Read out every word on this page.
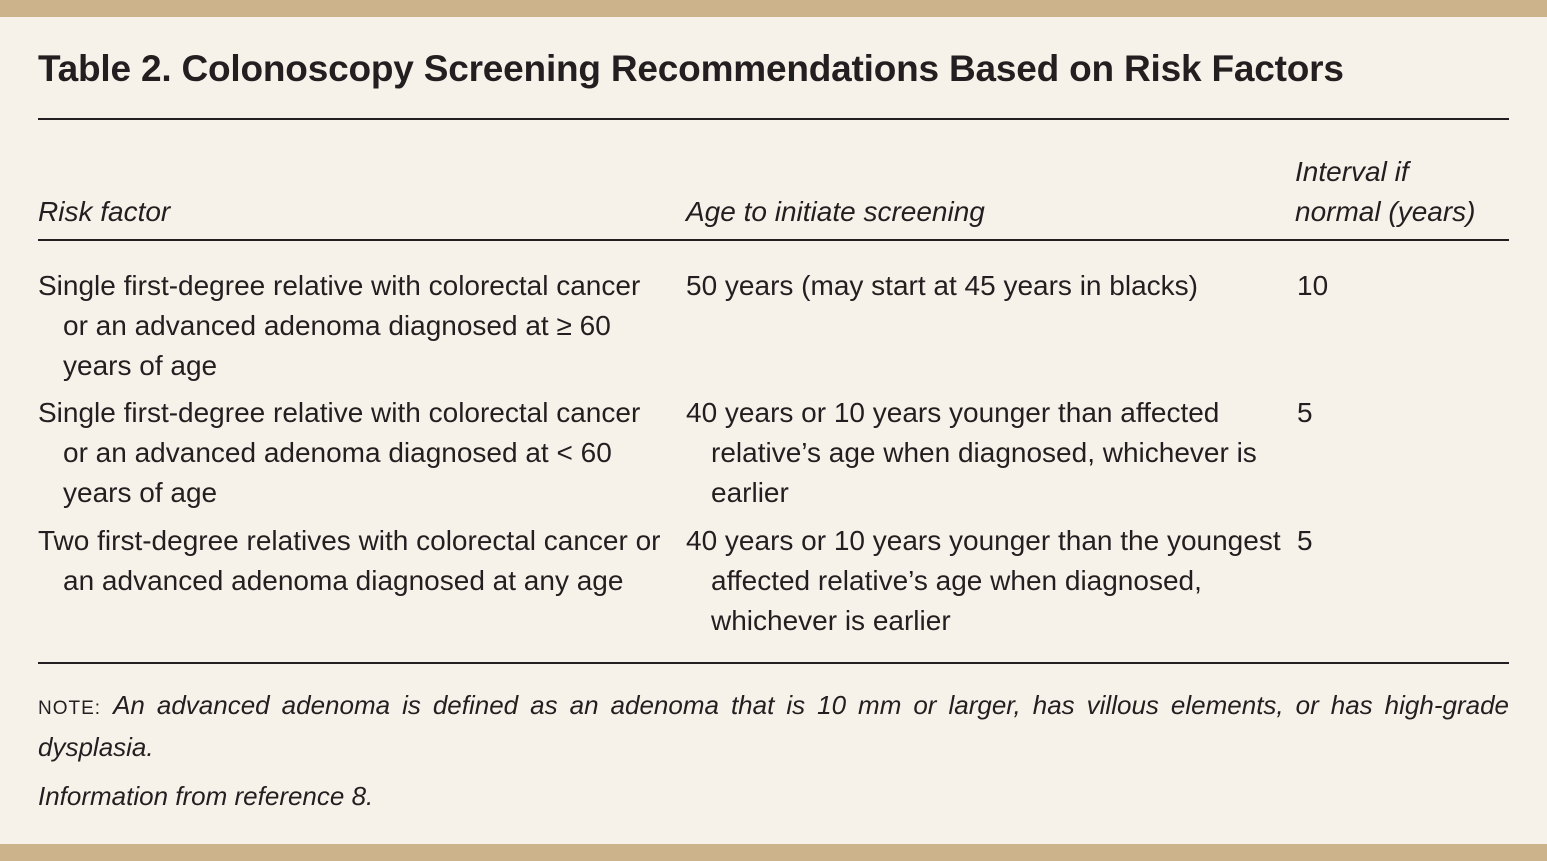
Table 2. Colonoscopy Screening Recommendations Based on Risk Factors
Risk factor	Age to initiate screening
Interval if
normal (years)
Single first-degree relative with colorectal cancer or an advanced adenoma diagnosed at ≥ 60 years of age
50 years (may start at 45 years in blacks)	10
Single first-degree relative with colorectal cancer or an advanced adenoma diagnosed at < 60 years of age
40 years or 10 years younger than affected relative’s age when diagnosed, whichever is earlier
5
Two first-degree relatives with colorectal cancer or an advanced adenoma diagnosed at any age
40 years or 10 years younger than the youngest affected relative’s age when diagnosed, whichever is earlier
5
NOTE: An advanced adenoma is defined as an adenoma that is 10 mm or larger, has villous elements, or has high-grade dysplasia.
Information from reference 8.
